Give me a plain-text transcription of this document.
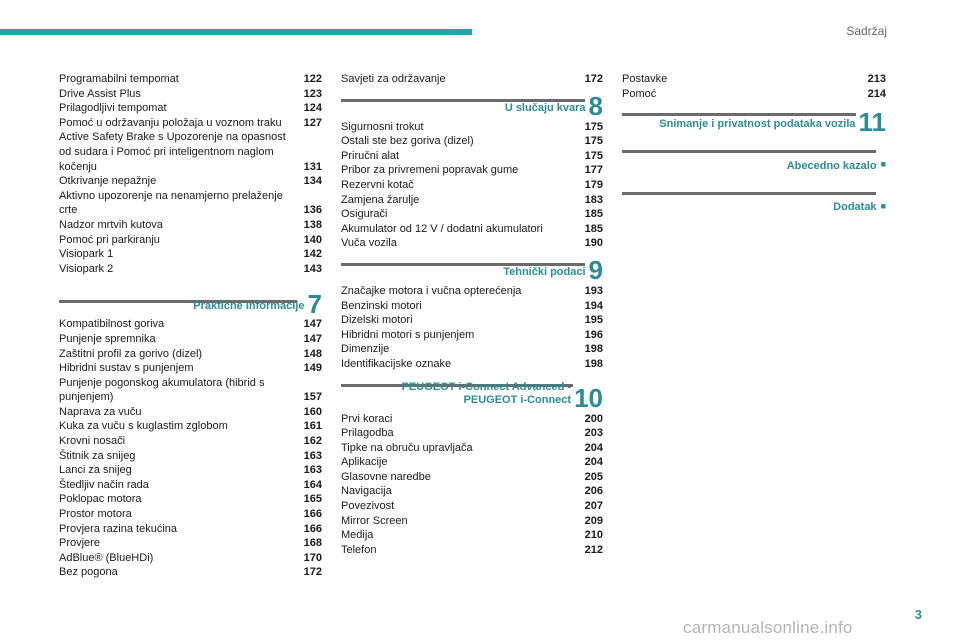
Sadržaj
Programabilni tempomat	122
Drive Assist Plus	123
Prilagodljivi tempomat	124
Pomoć u održavanju položaja u voznom traku	127
Active Safety Brake s Upozorenje na opasnost od sudara i Pomoć pri inteligentnom naglom kočenju	131
Otkrivanje nepažnje	134
Aktivno upozorenje na nenamjerno prelaženje crte	136
Nadzor mrtvih kutova	138
Pomoć pri parkiranju	140
Visiopark 1	142
Visiopark 2	143
Praktične informacije 7
Kompatibilnost goriva	147
Punjenje spremnika	147
Zaštitni profil za gorivo (dizel)	148
Hibridni sustav s punjenjem	149
Punjenje pogonskog akumulatora (hibrid s punjenjem)	157
Naprava za vuču	160
Kuka za vuču s kuglastim zglobom	161
Krovni nosači	162
Štitnik za snijeg	163
Lanci za snijeg	163
Štedljiv način rada	164
Poklopac motora	165
Prostor motora	166
Provjera razina tekućina	166
Provjere	168
AdBlue® (BlueHDi)	170
Bez pogona	172
Savjeti za održavanje	172
U slučaju kvara 8
Sigurnosni trokut	175
Ostali ste bez goriva (dizel)	175
Priručni alat	175
Pribor za privremeni popravak gume	177
Rezervni kotač	179
Zamjena žarulje	183
Osigurači	185
Akumulator od 12 V / dodatni akumulatori	185
Vuča vozila	190
Tehnički podaci 9
Značajke motora i vučna opterećenja	193
Benzinski motori	194
Dizelski motori	195
Hibridni motori s punjenjem	196
Dimenzije	198
Identifikacijske oznake	198
PEUGEOT i-Connect Advanced -
PEUGEOT i-Connect 10
Prvi koraci	200
Prilagodba	203
Tipke na obruču upravljača	204
Aplikacije	204
Glasovne naredbe	205
Navigacija	206
Povezivost	207
Mirror Screen	209
Medija	210
Telefon	212
Postavke	213
Pomoć	214
Snimanje i privatnost podataka vozila 11
Abecedno kazalo ■
Dodatak ■
3
carmanualsonline.info
